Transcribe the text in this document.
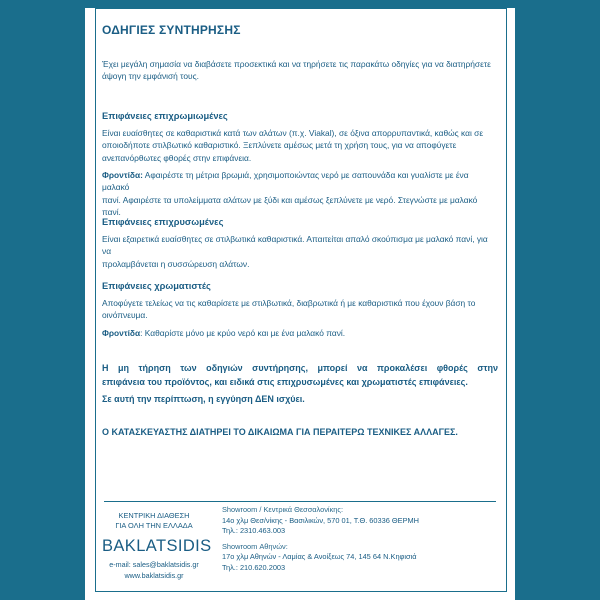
ΟΔΗΓΙΕΣ ΣΥΝΤΗΡΗΣΗΣ
Έχει μεγάλη σημασία να διαβάσετε προσεκτικά και να τηρήσετε τις παρακάτω οδηγίες για να διατηρήσετε
άψογη την εμφάνισή τους.
Επιφάνειες επιχρωμιωμένες
Είναι ευαίσθητες σε καθαριστικά κατά των αλάτων (π.χ. Viakal), σε όξινα απορρυπαντικά, καθώς και σε
οποιοδήποτε στιλβωτικό καθαριστικό. Ξεπλύνετε αμέσως μετά τη χρήση τους, για να αποφύγετε
ανεπανόρθωτες φθορές στην επιφάνεια.
Φροντίδα: Αφαιρέστε τη μέτρια βρωμιά, χρησιμοποιώντας νερό με σαπουνάδα και γυαλίστε με ένα μαλακό
πανί. Αφαιρέστε τα υπολείμματα αλάτων με ξύδι και αμέσως ξεπλύνετε με νερό. Στεγνώστε με μαλακό πανί.
Επιφάνειες επιχρυσωμένες
Είναι εξαιρετικά ευαίσθητες σε στιλβωτικά καθαριστικά. Απαιτείται απαλό σκούπισμα με μαλακό πανί, για να
προλαμβάνεται η συσσώρευση αλάτων.
Επιφάνειες χρωματιστές
Αποφύγετε τελείως να τις καθαρίσετε με στιλβωτικά, διαβρωτικά ή με καθαριστικά που έχουν βάση το
οινόπνευμα.
Φροντίδα: Καθαρίστε μόνο με κρύο νερό και με ένα μαλακό πανί.
Η μη τήρηση των οδηγιών συντήρησης, μπορεί να προκαλέσει φθορές στην
επιφάνεια του προϊόντος, και ειδικά στις επιχρυσωμένες και χρωματιστές επιφάνειες.
Σε αυτή την περίπτωση, η εγγύηση ΔΕΝ ισχύει.
Ο ΚΑΤΑΣΚΕΥΑΣΤΗΣ ΔΙΑΤΗΡΕΙ ΤΟ ΔΙΚΑΙΩΜΑ ΓΙΑ ΠΕΡΑΙΤΕΡΩ ΤΕΧΝΙΚΕΣ ΑΛΛΑΓΕΣ.
ΚΕΝΤΡΙΚΗ ΔΙΑΘΕΣΗ
ΓΙΑ ΟΛΗ ΤΗΝ ΕΛΛΑΔΑ
BAKLATSIDIS
e-mail: sales@baklatsidis.gr
www.baklatsidis.gr
Showroom / Κεντρικά Θεσσαλονίκης:
14ο χλμ Θεσ/νίκης - Βασιλικών, 570 01, Τ.Θ. 60336 ΘΕΡΜΗ
Τηλ.: 2310.463.003
Showroom Αθηνών:
17ο χλμ Αθηνών - Λαμίας & Ανοίξεως 74, 145 64 Ν.Κηφισιά
Τηλ.: 210.620.2003
